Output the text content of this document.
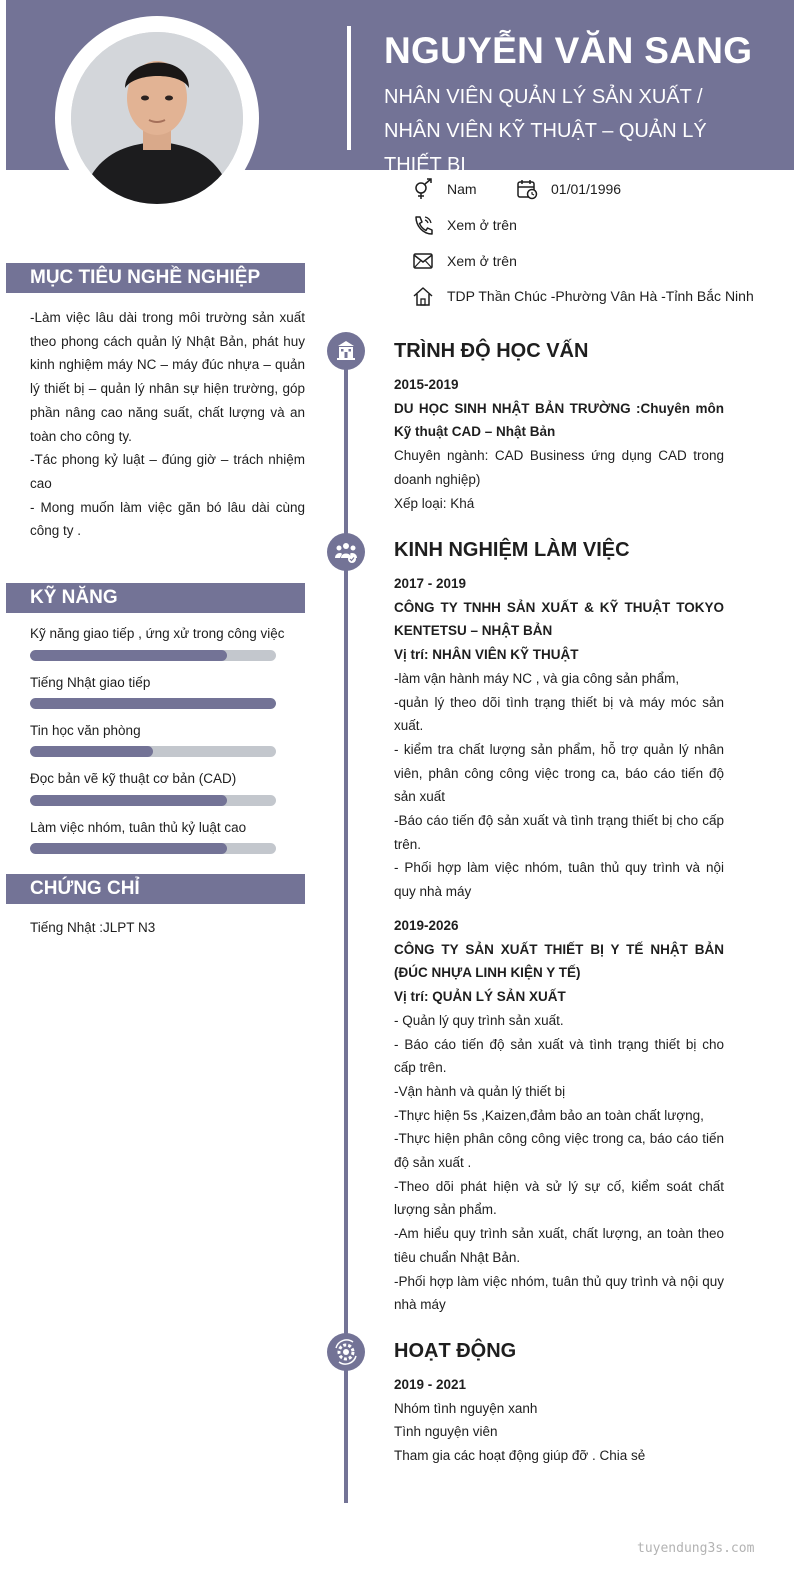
NGUYỄN VĂN SANG
NHÂN VIÊN QUẢN LÝ SẢN XUẤT / NHÂN VIÊN KỸ THUẬT – QUẢN LÝ THIẾT BỊ
Nam	01/01/1996
Xem ở trên
Xem ở trên
TDP Thần Chúc -Phường Vân Hà -Tỉnh Bắc Ninh
MỤC TIÊU NGHỀ NGHIỆP

-Làm việc lâu dài trong môi trường sản xuất theo phong cách quản lý Nhật Bản, phát huy kinh nghiệm máy NC – máy đúc nhựa – quản lý thiết bị – quản lý nhân sự hiện trường, góp phần nâng cao năng suất, chất lượng và an toàn cho công ty.

-Tác phong kỷ luật – đúng giờ – trách nhiệm cao

- Mong muốn làm việc găn bó lâu dài cùng công ty .

KỸ NĂNG
Kỹ năng giao tiếp , ứng xử trong công việc
Tiếng Nhật giao tiếp
Tin học văn phòng
Đọc bản vẽ kỹ thuật cơ bản (CAD)
Làm việc nhóm, tuân thủ kỷ luật cao
CHỨNG CHỈ
Tiếng Nhật :JLPT N3
TRÌNH ĐỘ HỌC VẤN
2015-2019
DU HỌC SINH NHẬT BẢN TRƯỜNG :Chuyên môn Kỹ thuật CAD – Nhật Bản
Chuyên ngành: CAD Business ứng dụng CAD trong doanh nghiệp)
Xếp loại: Khá
KINH NGHIỆM LÀM VIỆC
2017 - 2019
CÔNG TY TNHH SẢN XUẤT & KỸ THUẬT TOKYO KENTETSU – NHẬT BẢN
Vị trí: NHÂN VIÊN KỸ THUẬT
-làm vận hành máy NC , và gia công sản phẩm,
-quản lý theo dõi tình trạng thiết bị và máy móc sản xuất.
- kiểm tra chất lượng sản phẩm, hỗ trợ quản lý nhân viên, phân công công việc trong ca, báo cáo tiến độ sản xuất
-Báo cáo tiến độ sản xuất và tình trạng thiết bị cho cấp trên.
- Phối hợp làm việc nhóm, tuân thủ quy trình và nội quy nhà máy
2019-2026
CÔNG TY SẢN XUẤT THIẾT BỊ Y TẾ NHẬT BẢN (ĐÚC NHỰA LINH KIỆN Y TẾ)
Vị trí: QUẢN LÝ SẢN XUẤT
- Quản lý quy trình sản xuất.
- Báo cáo tiến độ sản xuất và tình trạng thiết bị cho cấp trên.
-Vận hành và quản lý thiết bị
-Thực hiện 5s ,Kaizen,đảm bảo an toàn chất lượng,
-Thực hiện phân công công việc trong ca, báo cáo tiến độ sản xuất .
-Theo dõi phát hiện và sử lý sự cố, kiểm soát chất lượng sản phẩm.
-Am hiểu quy trình sản xuất, chất lượng, an toàn theo tiêu chuẩn Nhật Bản.
-Phối hợp làm việc nhóm, tuân thủ quy trình và nội quy nhà máy
HOẠT ĐỘNG
2019 - 2021
Nhóm tình nguyện xanh
Tình nguyện viên
Tham gia các hoạt động giúp đỡ . Chia sẻ
tuyendung3s.com
